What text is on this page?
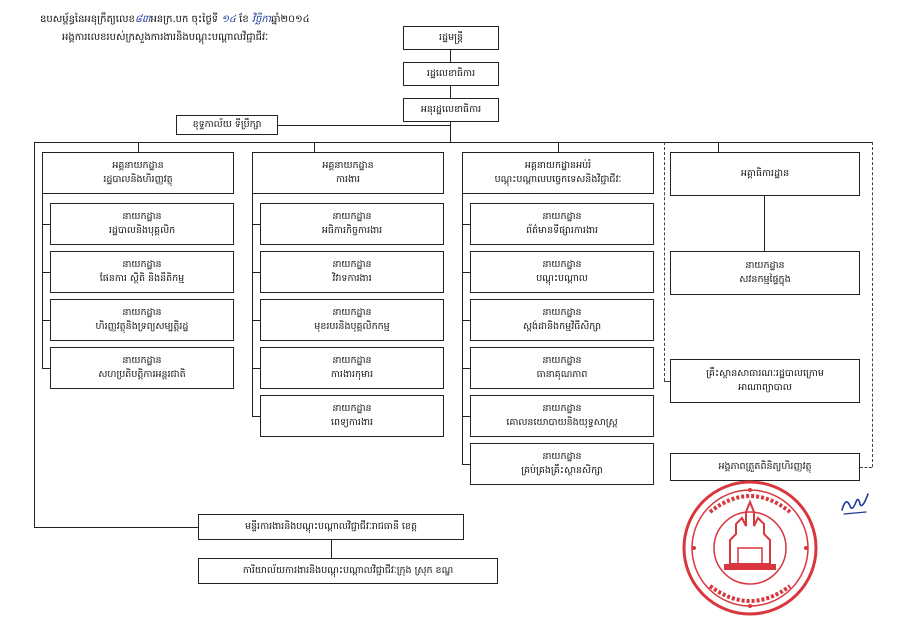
ឧបសម្ព័ន្ធនៃអនុក្រឹត្យលេខ៨៣អនក្រ.បក ចុះថ្ងៃទី ១៤ ខែ វិច្ឆិកាឆ្នាំ២០១៤
អង្គការលេខរបស់ក្រសួងការងារនិងបណ្តុះបណ្តាលវិជ្ជាជីវៈ	រដ្ឋមន្ត្រី
រដ្ឋលេខាធិការ
អនុរដ្ឋលេខាធិការ
ខុទ្ទកាល័យ ទីប្រឹក្សា
អគ្គនាយកដ្ឋាន
រដ្ឋបាលនិងហិរញ្ញវត្ថុ
នាយកដ្ឋាន
រដ្ឋបាលនិងបុគ្គលិក
នាយកដ្ឋាន
ផែនការ ស្ថិតិ និងនីតិកម្ម
នាយកដ្ឋាន
ហិរញ្ញវត្ថុនិងទ្រព្យសម្បត្តិរដ្ឋ
នាយកដ្ឋាន
សហប្រតិបត្តិការអន្តរជាតិ
អគ្គនាយកដ្ឋាន
ការងារ
នាយកដ្ឋាន
អធិការកិច្ចការងារ
នាយកដ្ឋាន
វិវាទការងារ
នាយកដ្ឋាន
មុខរបរនិងបុគ្គលិកកម្ម
នាយកដ្ឋាន
ការងារកុមារ
នាយកដ្ឋាន
ពេទ្យការងារ
អគ្គនាយកដ្ឋានអប់រំ
បណ្តុះបណ្តាលបច្ចេកទេសនិងវិជ្ជាជីវៈ
នាយកដ្ឋាន
ព័ត៌មានទីផ្សារការងារ
នាយកដ្ឋាន
បណ្តុះបណ្តាល
នាយកដ្ឋាន
ស្តង់ដានិងកម្មវិធីសិក្សា
នាយកដ្ឋាន
ធានាគុណភាព
នាយកដ្ឋាន
គោលនយោបាយនិងយុទ្ធសាស្ត្រ
នាយកដ្ឋាន
គ្រប់គ្រងគ្រឹះស្ថានសិក្សា
អគ្គាធិការដ្ឋាន
នាយកដ្ឋាន
សវនកម្មផ្ទៃក្នុង
គ្រឹះស្ថានសាធារណៈរដ្ឋបាលក្រោម
អាណាព្យាបាល
អង្គភាពត្រួតពិនិត្យហិរញ្ញវត្ថុ
មន្ទីរការងារនិងបណ្តុះបណ្តាលវិជ្ជាជីវៈរាជធានី ខេត្ត
ការិយាល័យការងារនិងបណ្តុះបណ្តាលវិជ្ជាជីវៈក្រុង ស្រុក ខណ្ឌ
